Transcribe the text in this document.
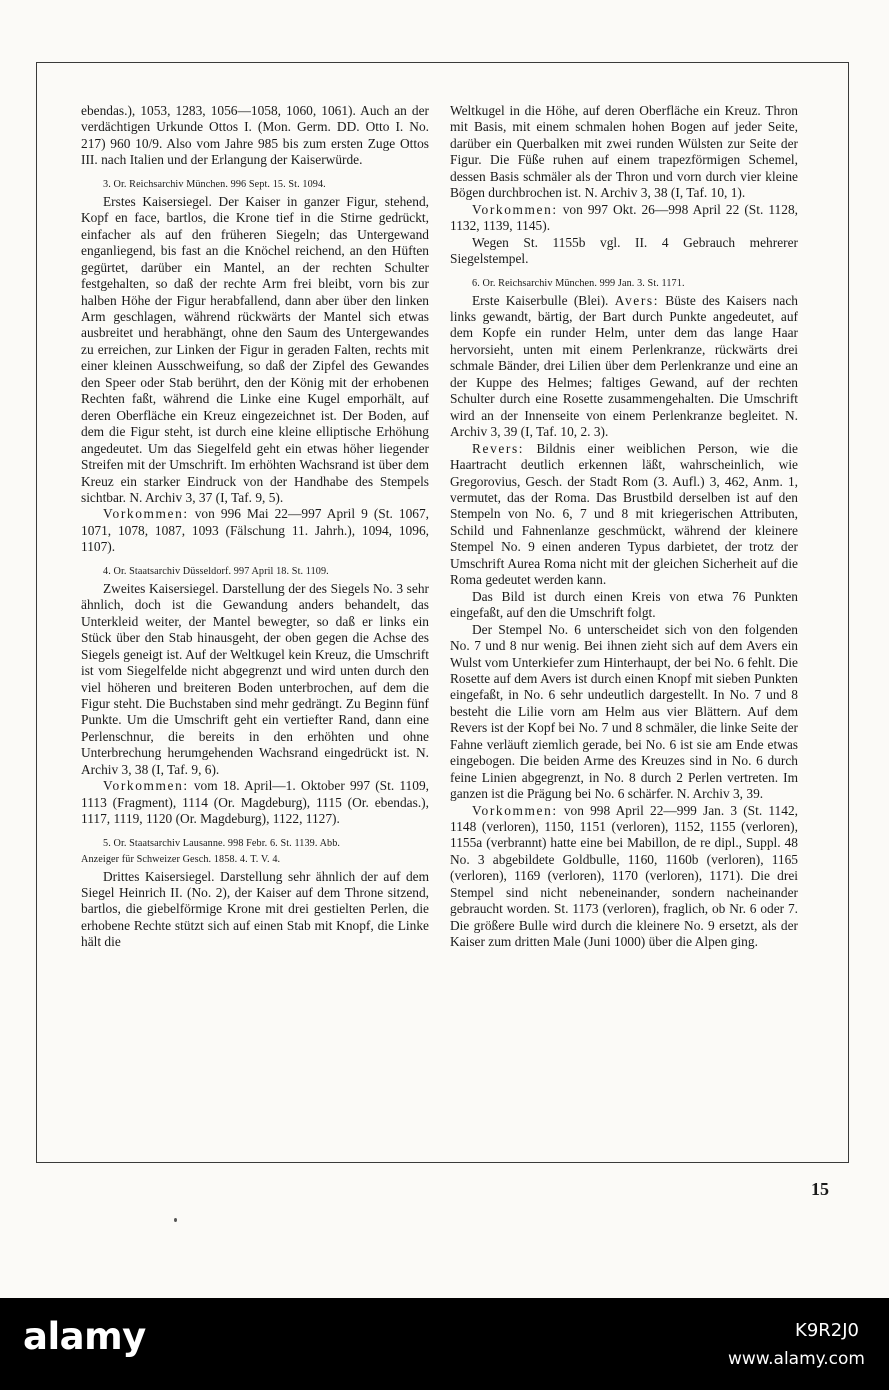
ebendas.), 1053, 1283, 1056—1058, 1060, 1061). Auch an der verdächtigen Urkunde Ottos I. (Mon. Germ. DD. Otto I. No. 217) 960 10/9. Also vom Jahre 985 bis zum ersten Zuge Ottos III. nach Italien und der Erlangung der Kaiserwürde.

3. Or. Reichsarchiv München. 996 Sept. 15. St. 1094.

Erstes Kaisersiegel. Der Kaiser in ganzer Figur, stehend, Kopf en face, bartlos, die Krone tief in die Stirne gedrückt, einfacher als auf den früheren Siegeln; das Untergewand enganliegend, bis fast an die Knöchel reichend, an den Hüften gegürtet, darüber ein Mantel, an der rechten Schulter festgehalten, so daß der rechte Arm frei bleibt, vorn bis zur halben Höhe der Figur herabfallend, dann aber über den linken Arm geschlagen, während rückwärts der Mantel sich etwas ausbreitet und herabhängt, ohne den Saum des Untergewandes zu erreichen, zur Linken der Figur in geraden Falten, rechts mit einer kleinen Ausschweifung, so daß der Zipfel des Gewandes den Speer oder Stab berührt, den der König mit der erhobenen Rechten faßt, während die Linke eine Kugel emporhält, auf deren Oberfläche ein Kreuz eingezeichnet ist. Der Boden, auf dem die Figur steht, ist durch eine kleine elliptische Erhöhung angedeutet. Um das Siegelfeld geht ein etwas höher liegender Streifen mit der Umschrift. Im erhöhten Wachsrand ist über dem Kreuz ein starker Eindruck von der Handhabe des Stempels sichtbar. N. Archiv 3, 37 (I, Taf. 9, 5).

Vorkommen: von 996 Mai 22—997 April 9 (St. 1067, 1071, 1078, 1087, 1093 (Fälschung 11. Jahrh.), 1094, 1096, 1107).

4. Or. Staatsarchiv Düsseldorf. 997 April 18. St. 1109.

Zweites Kaisersiegel. Darstellung der des Siegels No. 3 sehr ähnlich, doch ist die Gewandung anders behandelt, das Unterkleid weiter, der Mantel bewegter, so daß er links ein Stück über den Stab hinausgeht, der oben gegen die Achse des Siegels geneigt ist. Auf der Weltkugel kein Kreuz, die Umschrift ist vom Siegelfelde nicht abgegrenzt und wird unten durch den viel höheren und breiteren Boden unterbrochen, auf dem die Figur steht. Die Buchstaben sind mehr gedrängt. Zu Beginn fünf Punkte. Um die Umschrift geht ein vertiefter Rand, dann eine Perlenschnur, die bereits in den erhöhten und ohne Unterbrechung herumgehenden Wachsrand eingedrückt ist. N. Archiv 3, 38 (I, Taf. 9, 6).

Vorkommen: vom 18. April—1. Oktober 997 (St. 1109, 1113 (Fragment), 1114 (Or. Magdeburg), 1115 (Or. ebendas.), 1117, 1119, 1120 (Or. Magdeburg), 1122, 1127).

5. Or. Staatsarchiv Lausanne. 998 Febr. 6. St. 1139. Abb.

Anzeiger für Schweizer Gesch. 1858. 4. T. V. 4.

Drittes Kaisersiegel. Darstellung sehr ähnlich der auf dem Siegel Heinrich II. (No. 2), der Kaiser auf dem Throne sitzend, bartlos, die giebelförmige Krone mit drei gestielten Perlen, die erhobene Rechte stützt sich auf einen Stab mit Knopf, die Linke hält die

Weltkugel in die Höhe, auf deren Oberfläche ein Kreuz. Thron mit Basis, mit einem schmalen hohen Bogen auf jeder Seite, darüber ein Querbalken mit zwei runden Wülsten zur Seite der Figur. Die Füße ruhen auf einem trapezförmigen Schemel, dessen Basis schmäler als der Thron und vorn durch vier kleine Bögen durchbrochen ist. N. Archiv 3, 38 (I, Taf. 10, 1).

Vorkommen: von 997 Okt. 26—998 April 22 (St. 1128, 1132, 1139, 1145).

Wegen St. 1155b vgl. II. 4 Gebrauch mehrerer Siegelstempel.

6. Or. Reichsarchiv München. 999 Jan. 3. St. 1171.

Erste Kaiserbulle (Blei). Avers: Büste des Kaisers nach links gewandt, bärtig, der Bart durch Punkte angedeutet, auf dem Kopfe ein runder Helm, unter dem das lange Haar hervorsieht, unten mit einem Perlenkranze, rückwärts drei schmale Bänder, drei Lilien über dem Perlenkranze und eine an der Kuppe des Helmes; faltiges Gewand, auf der rechten Schulter durch eine Rosette zusammengehalten. Die Umschrift wird an der Innenseite von einem Perlenkranze begleitet. N. Archiv 3, 39 (I, Taf. 10, 2. 3).

Revers: Bildnis einer weiblichen Person, wie die Haartracht deutlich erkennen läßt, wahrscheinlich, wie Gregorovius, Gesch. der Stadt Rom (3. Aufl.) 3, 462, Anm. 1, vermutet, das der Roma. Das Brustbild derselben ist auf den Stempeln von No. 6, 7 und 8 mit kriegerischen Attributen, Schild und Fahnenlanze geschmückt, während der kleinere Stempel No. 9 einen anderen Typus darbietet, der trotz der Umschrift Aurea Roma nicht mit der gleichen Sicherheit auf die Roma gedeutet werden kann.

Das Bild ist durch einen Kreis von etwa 76 Punkten eingefaßt, auf den die Umschrift folgt.

Der Stempel No. 6 unterscheidet sich von den folgenden No. 7 und 8 nur wenig. Bei ihnen zieht sich auf dem Avers ein Wulst vom Unterkiefer zum Hinterhaupt, der bei No. 6 fehlt. Die Rosette auf dem Avers ist durch einen Knopf mit sieben Punkten eingefaßt, in No. 6 sehr undeutlich dargestellt. In No. 7 und 8 besteht die Lilie vorn am Helm aus vier Blättern. Auf dem Revers ist der Kopf bei No. 7 und 8 schmäler, die linke Seite der Fahne verläuft ziemlich gerade, bei No. 6 ist sie am Ende etwas eingebogen. Die beiden Arme des Kreuzes sind in No. 6 durch feine Linien abgegrenzt, in No. 8 durch 2 Perlen vertreten. Im ganzen ist die Prägung bei No. 6 schärfer. N. Archiv 3, 39.

Vorkommen: von 998 April 22—999 Jan. 3 (St. 1142, 1148 (verloren), 1150, 1151 (verloren), 1152, 1155 (verloren), 1155a (verbrannt) hatte eine bei Mabillon, de re dipl., Suppl. 48 No. 3 abgebildete Goldbulle, 1160, 1160b (verloren), 1165 (verloren), 1169 (verloren), 1170 (verloren), 1171). Die drei Stempel sind nicht nebeneinander, sondern nacheinander gebraucht worden. St. 1173 (verloren), fraglich, ob Nr. 6 oder 7. Die größere Bulle wird durch die kleinere No. 9 ersetzt, als der Kaiser zum dritten Male (Juni 1000) über die Alpen ging.

15
alamy	K9R2J0
www.alamy.com
